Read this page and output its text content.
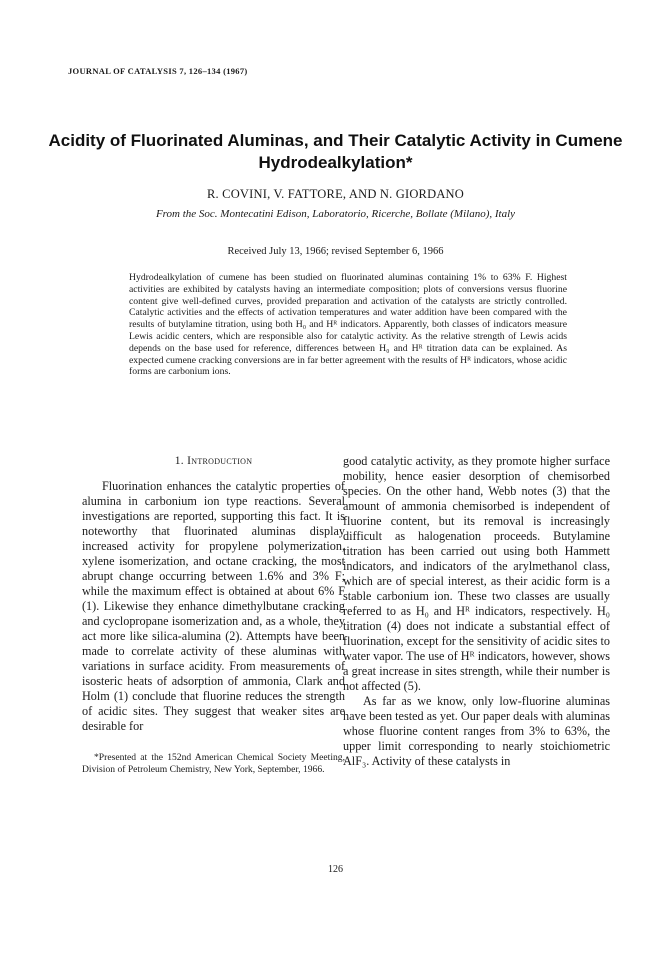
JOURNAL OF CATALYSIS 7, 126–134 (1967)
Acidity of Fluorinated Aluminas, and Their Catalytic Activity in Cumene Hydrodealkylation*
R. COVINI, V. FATTORE, AND N. GIORDANO
From the Soc. Montecatini Edison, Laboratorio, Ricerche, Bollate (Milano), Italy
Received July 13, 1966; revised September 6, 1966
Hydrodealkylation of cumene has been studied on fluorinated aluminas containing 1% to 63% F. Highest activities are exhibited by catalysts having an intermediate composition; plots of conversions versus fluorine content give well-defined curves, provided preparation and activation of the catalysts are strictly controlled. Catalytic activities and the effects of activation temperatures and water addition have been compared with the results of butylamine titration, using both H₀ and Hᴿ indicators. Apparently, both classes of indicators measure Lewis acidic centers, which are responsible also for catalytic activity. As the relative strength of Lewis acids depends on the base used for reference, differences between H₀ and Hᴿ titration data can be explained. As expected cumene cracking conversions are in far better agreement with the results of Hᴿ indicators, whose acidic forms are carbonium ions.
1. Introduction

Fluorination enhances the catalytic properties of alumina in carbonium ion type reactions. Several investigations are reported, supporting this fact. It is noteworthy that fluorinated aluminas display increased activity for propylene polymerization, xylene isomerization, and octane cracking, the most abrupt change occurring between 1.6% and 3% F; while the maximum effect is obtained at about 6% F (1). Likewise they enhance dimethylbutane cracking and cyclopropane isomerization and, as a whole, they act more like silica-alumina (2). Attempts have been made to correlate activity of these aluminas with variations in surface acidity. From measurements of isosteric heats of adsorption of ammonia, Clark and Holm (1) conclude that fluorine reduces the strength of acidic sites. They suggest that weaker sites are desirable for

*Presented at the 152nd American Chemical Society Meeting, Division of Petroleum Chemistry, New York, September, 1966.

good catalytic activity, as they promote higher surface mobility, hence easier desorption of chemisorbed species. On the other hand, Webb notes (3) that the amount of ammonia chemisorbed is independent of fluorine content, but its removal is increasingly difficult as halogenation proceeds. Butylamine titration has been carried out using both Hammett indicators, and indicators of the arylmethanol class, which are of special interest, as their acidic form is a stable carbonium ion. These two classes are usually referred to as H₀ and Hᴿ indicators, respectively. H₀ titration (4) does not indicate a substantial effect of fluorination, except for the sensitivity of acidic sites to water vapor. The use of Hᴿ indicators, however, shows a great increase in sites strength, while their number is not affected (5).

As far as we know, only low-fluorine aluminas have been tested as yet. Our paper deals with aluminas whose fluorine content ranges from 3% to 63%, the upper limit corresponding to nearly stoichiometric AlF₃. Activity of these catalysts in

126
